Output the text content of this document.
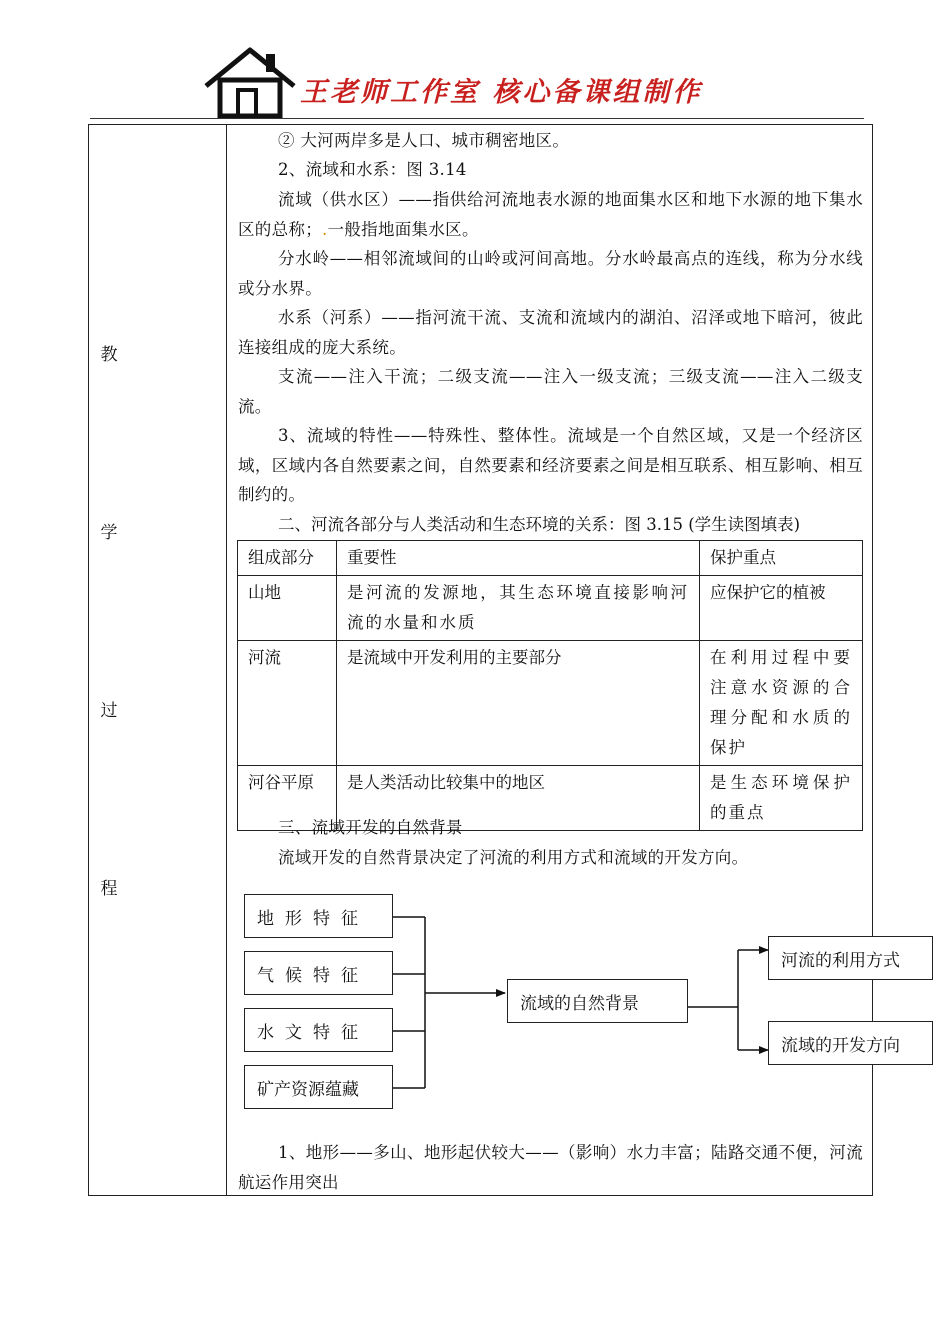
王老师工作室 核心备课组制作
教
学
过
程
② 大河两岸多是人口、城市稠密地区。
2、流域和水系：图 3.14
流域（供水区）——指供给河流地表水源的地面集水区和地下水源的地下集水区的总称；.一般指地面集水区。
分水岭——相邻流域间的山岭或河间高地。分水岭最高点的连线，称为分水线或分水界。
水系（河系）——指河流干流、支流和流域内的湖泊、沼泽或地下暗河，彼此连接组成的庞大系统。
支流——注入干流；二级支流——注入一级支流；三级支流——注入二级支流。
3、流域的特性——特殊性、整体性。流域是一个自然区域，又是一个经济区域，区域内各自然要素之间，自然要素和经济要素之间是相互联系、相互影响、相互制约的。
二、河流各部分与人类活动和生态环境的关系：图 3.15 (学生读图填表)
组成部分	重要性	保护重点
山地	是河流的发源地，其生态环境直接影响河流的水量和水质	应保护它的植被
河流	是流域中开发利用的主要部分	在利用过程中要注意水资源的合理分配和水质的保护
河谷平原	是人类活动比较集中的地区	是生态环境保护的重点
三、流域开发的自然背景
流域开发的自然背景决定了河流的利用方式和流域的开发方向。
地形特征
气候特征
水文特征
矿产资源蕴藏
流域的自然背景
河流的利用方式
流域的开发方向
1、地形——多山、地形起伏较大——（影响）水力丰富；陆路交通不便，河流航运作用突出
